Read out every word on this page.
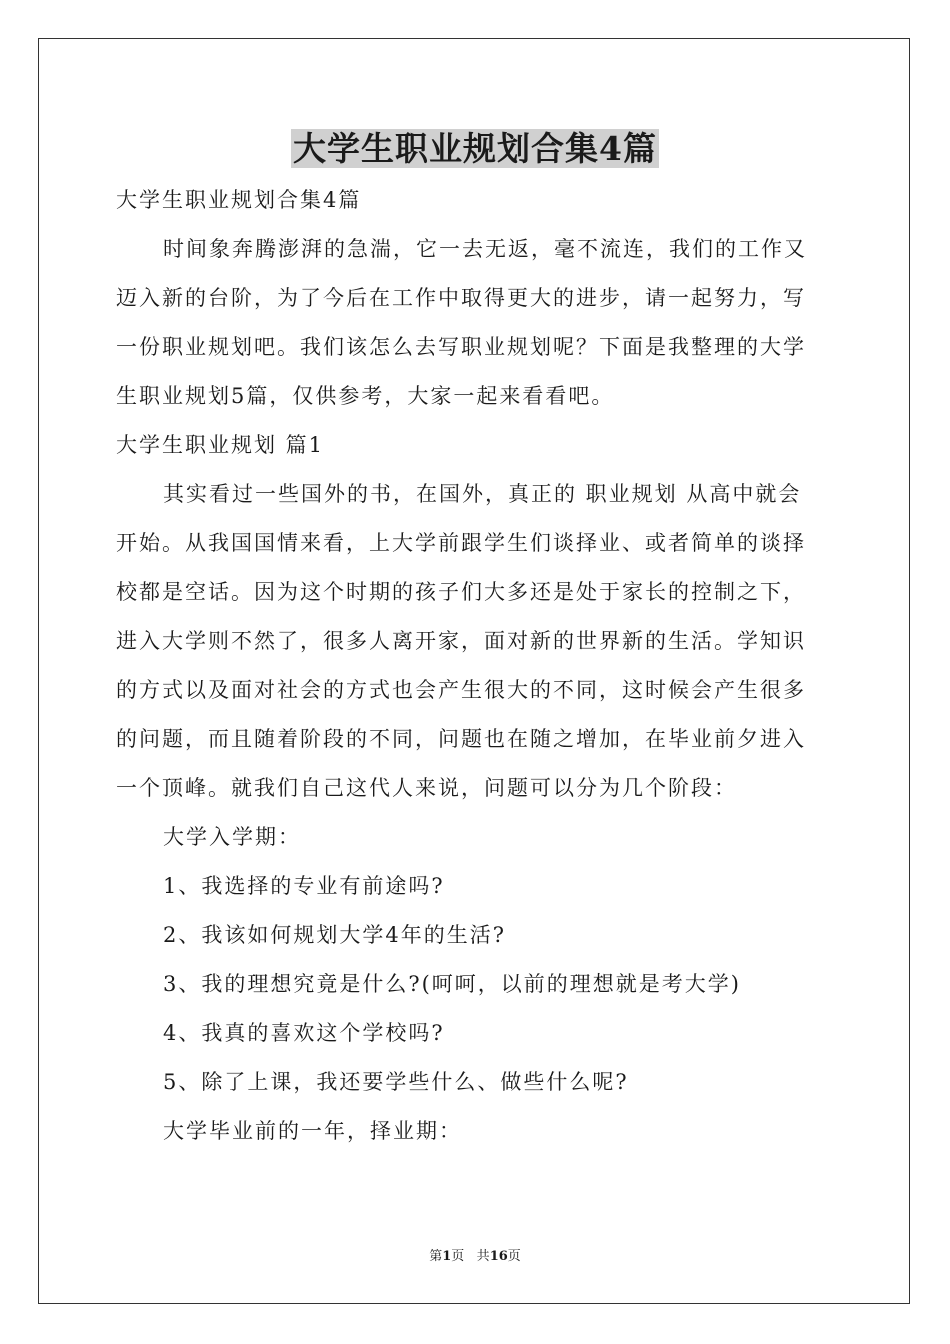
大学生职业规划合集4篇

大学生职业规划合集4篇

时间象奔腾澎湃的急湍，它一去无返，毫不流连，我们的工作又

迈入新的台阶，为了今后在工作中取得更大的进步，请一起努力，写

一份职业规划吧。我们该怎么去写职业规划呢？下面是我整理的大学

生职业规划5篇，仅供参考，大家一起来看看吧。

大学生职业规划 篇1

其实看过一些国外的书，在国外，真正的 职业规划 从高中就会

开始。从我国国情来看，上大学前跟学生们谈择业、或者简单的谈择

校都是空话。因为这个时期的孩子们大多还是处于家长的控制之下，

进入大学则不然了，很多人离开家，面对新的世界新的生活。学知识

的方式以及面对社会的方式也会产生很大的不同，这时候会产生很多

的问题，而且随着阶段的不同，问题也在随之增加，在毕业前夕进入

一个顶峰。就我们自己这代人来说，问题可以分为几个阶段：

大学入学期：

1、我选择的专业有前途吗?

2、我该如何规划大学4年的生活?

3、我的理想究竟是什么?(呵呵，以前的理想就是考大学)

4、我真的喜欢这个学校吗?

5、除了上课，我还要学些什么、做些什么呢?

大学毕业前的一年，择业期：

第1页 共16页
